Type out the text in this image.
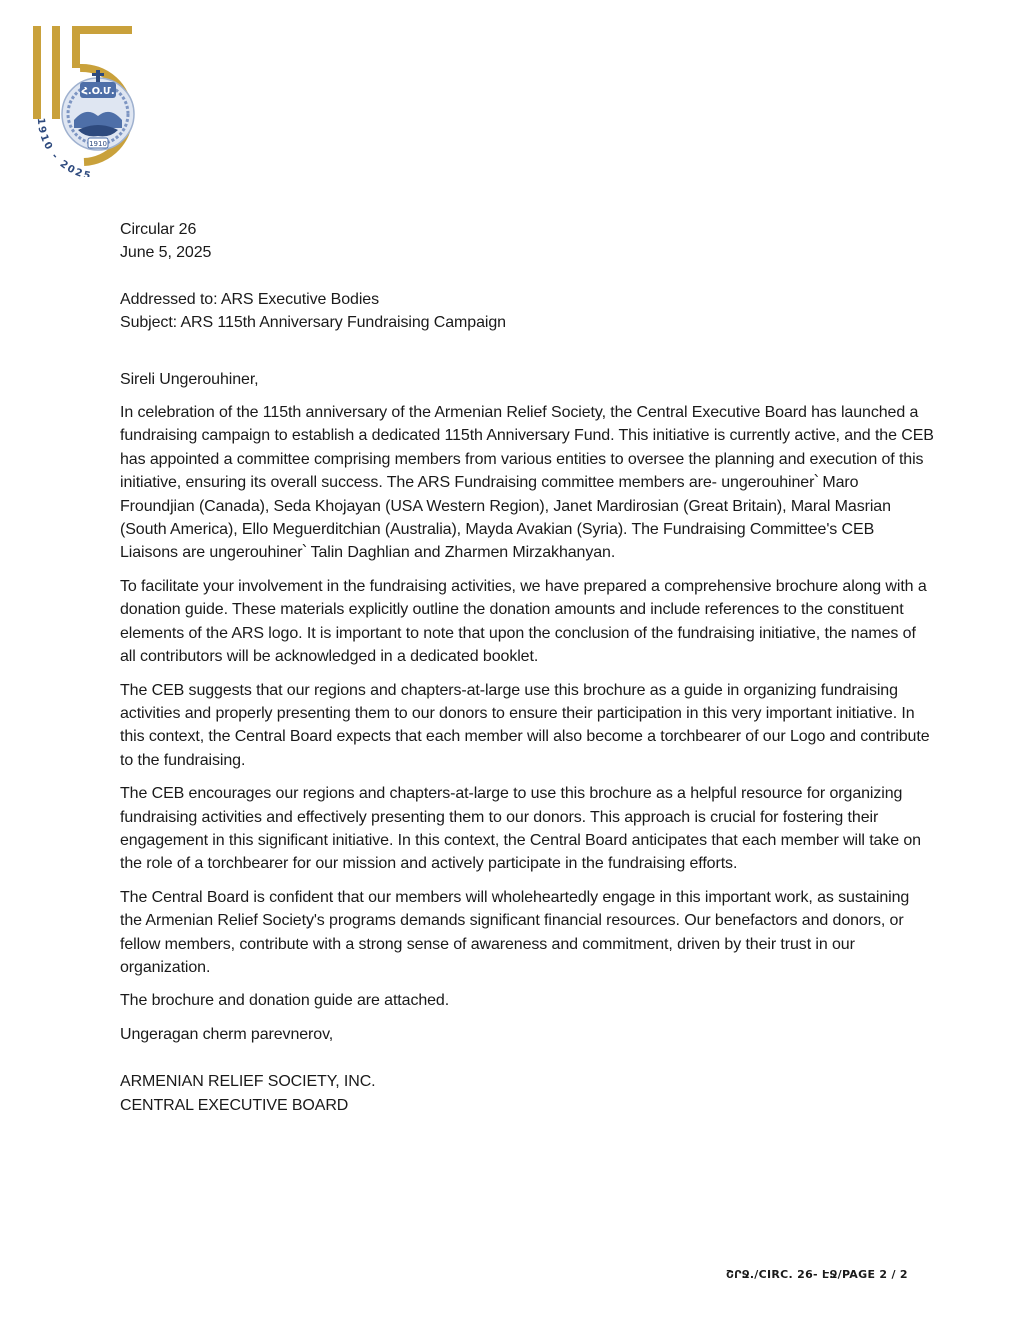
Հ.Օ.Մ.
1910
1910 - 2025

Circular 26

June 5, 2025

Addressed to: ARS Executive Bodies

Subject: ARS 115th Anniversary Fundraising Campaign

Sireli Ungerouhiner,

In celebration of the 115th anniversary of the Armenian Relief Society, the Central Executive Board has launched a fundraising campaign to establish a dedicated 115th Anniversary Fund. This initiative is currently active, and the CEB has appointed a committee comprising members from various entities to oversee the planning and execution of this initiative, ensuring its overall success. The ARS Fundraising committee members are- ungerouhiner՝ Maro Froundjian (Canada), Seda Khojayan (USA Western Region), Janet Mardirosian (Great Britain), Maral Masrian (South America), Ello Meguerditchian (Australia), Mayda Avakian (Syria). The Fundraising Committee's CEB Liaisons are ungerouhiner՝ Talin Daghlian and Zharmen Mirzakhanyan.

To facilitate your involvement in the fundraising activities, we have prepared a comprehensive brochure along with a donation guide. These materials explicitly outline the donation amounts and include references to the constituent elements of the ARS logo. It is important to note that upon the conclusion of the fundraising initiative, the names of all contributors will be acknowledged in a dedicated booklet.

The CEB suggests that our regions and chapters-at-large use this brochure as a guide in organizing fundraising activities and properly presenting them to our donors to ensure their participation in this very important initiative. In this context, the Central Board expects that each member will also become a torchbearer of our Logo and contribute to the fundraising.

The CEB encourages our regions and chapters-at-large to use this brochure as a helpful resource for organizing fundraising activities and effectively presenting them to our donors. This approach is crucial for fostering their engagement in this significant initiative. In this context, the Central Board anticipates that each member will take on the role of a torchbearer for our mission and actively participate in the fundraising efforts.

The Central Board is confident that our members will wholeheartedly engage in this important work, as sustaining the Armenian Relief Society's programs demands significant financial resources. Our benefactors and donors, or fellow members, contribute with a strong sense of awareness and commitment, driven by their trust in our organization.

The brochure and donation guide are attached.

Ungeragan cherm parevnerov,

ARMENIAN RELIEF SOCIETY, INC.

CENTRAL EXECUTIVE BOARD

ՇՐՋ./CIRC. 26- ԷՋ/PAGE 2 / 2
